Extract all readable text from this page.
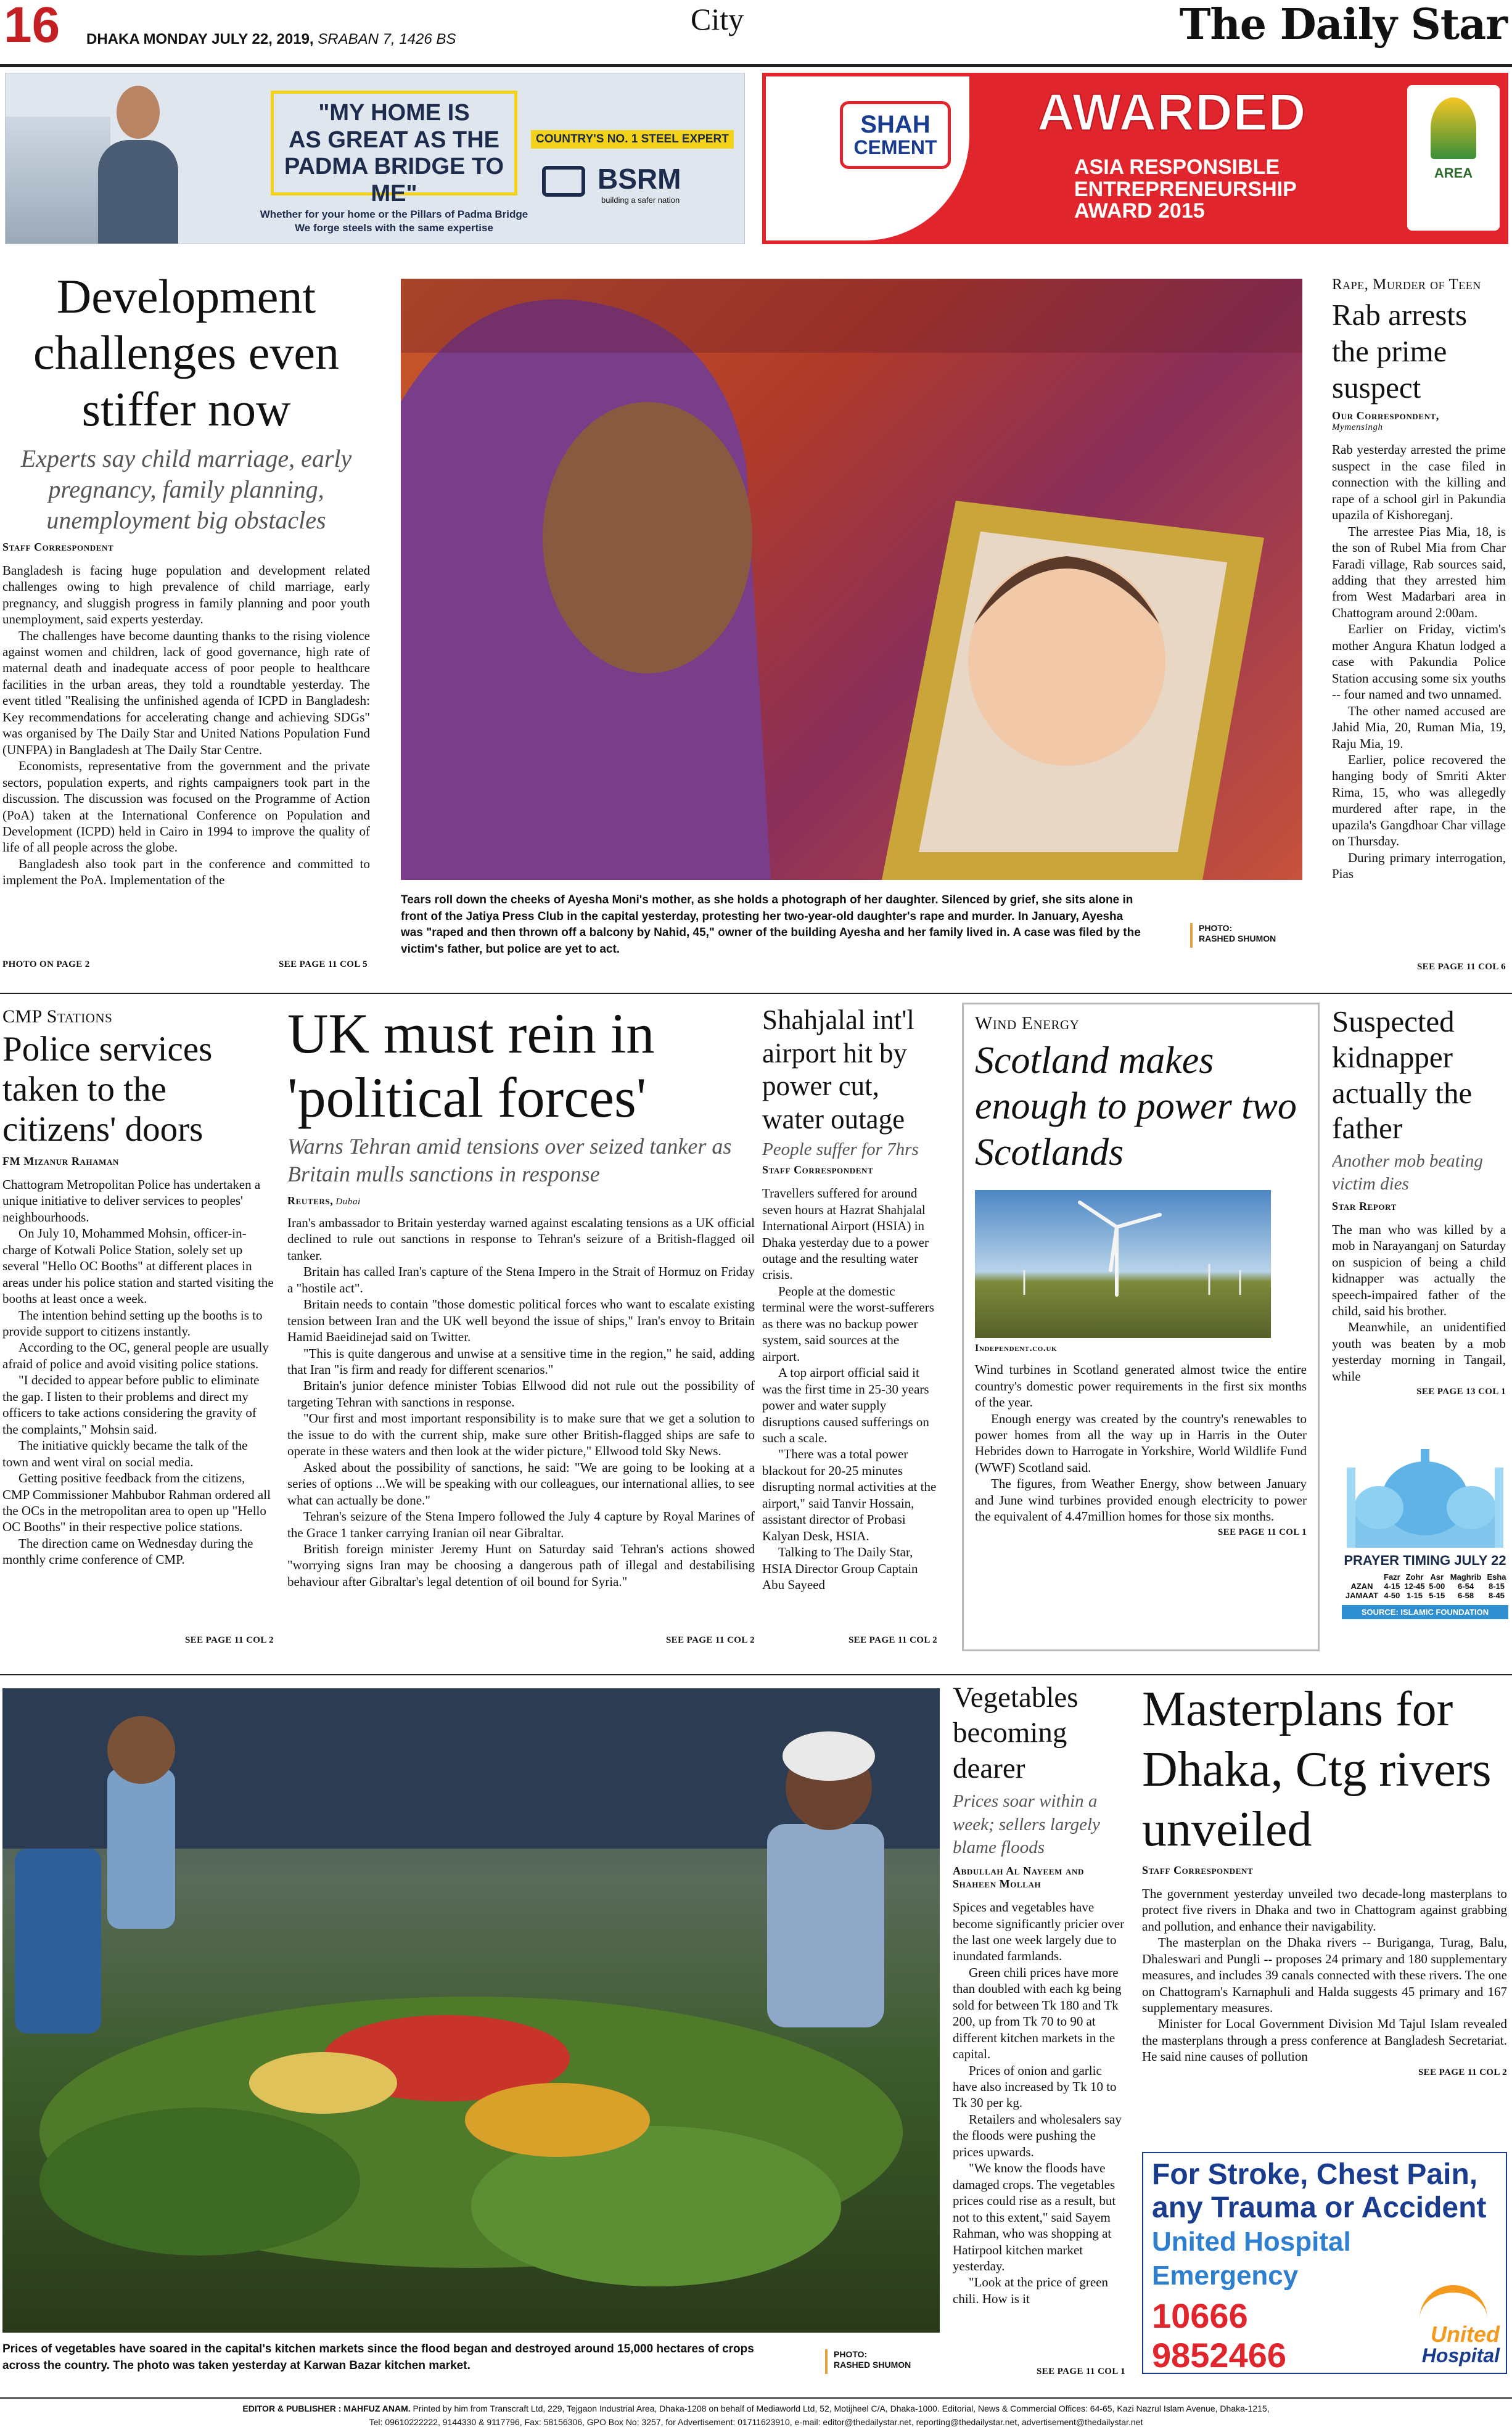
16 DHAKA MONDAY JULY 22, 2019, SRABAN 7, 1426 BS
City	The Daily Star
"MY HOME IS
AS GREAT AS THE
PADMA BRIDGE TO ME"
COUNTRY'S NO. 1 STEEL EXPERT
BSRM
building a safer nation
Whether for your home or the Pillars of Padma Bridge
We forge steels with the same expertise
SHAH
CEMENT
AWARDED
ASIA RESPONSIBLE
ENTREPRENEURSHIP
AWARD 2015
AREA
Development challenges even stiffer now
Experts say child marriage, early pregnancy, family planning, unemployment big obstacles
Staff Correspondent

Bangladesh is facing huge population and development related challenges owing to high prevalence of child marriage, early pregnancy, and sluggish progress in family planning and poor youth unemployment, said experts yesterday.

The challenges have become daunting thanks to the rising violence against women and children, lack of good governance, high rate of maternal death and inadequate access of poor people to healthcare facilities in the urban areas, they told a roundtable yesterday. The event titled "Realising the unfinished agenda of ICPD in Bangladesh: Key recommendations for accelerating change and achieving SDGs" was organised by The Daily Star and United Nations Population Fund (UNFPA) in Bangladesh at The Daily Star Centre.

Economists, representative from the government and the private sectors, population experts, and rights campaigners took part in the discussion. The discussion was focused on the Programme of Action (PoA) taken at the International Conference on Population and Development (ICPD) held in Cairo in 1994 to improve the quality of life of all people across the globe.

Bangladesh also took part in the conference and committed to implement the PoA. Implementation of the

PHOTO ON PAGE 2	SEE PAGE 11 COL 5
Tears roll down the cheeks of Ayesha Moni's mother, as she holds a photograph of her daughter. Silenced by grief, she sits alone in front of the Jatiya Press Club in the capital yesterday, protesting her two-year-old daughter's rape and murder. In January, Ayesha was "raped and then thrown off a balcony by Nahid, 45," owner of the building Ayesha and her family lived in. A case was filed by the victim's father, but police are yet to act.
PHOTO:
RASHED SHUMON
Rape, Murder of Teen
Rab arrests the prime suspect
Our Correspondent,
Mymensingh

Rab yesterday arrested the prime suspect in the case filed in connection with the killing and rape of a school girl in Pakundia upazila of Kishoreganj.

The arrestee Pias Mia, 18, is the son of Rubel Mia from Char Faradi village, Rab sources said, adding that they arrested him from West Madarbari area in Chattogram around 2:00am.

Earlier on Friday, victim's mother Angura Khatun lodged a case with Pakundia Police Station accusing some six youths -- four named and two unnamed.

The other named accused are Jahid Mia, 20, Ruman Mia, 19, Raju Mia, 19.

Earlier, police recovered the hanging body of Smriti Akter Rima, 15, who was allegedly murdered after rape, in the upazila's Gangdhoar Char village on Thursday.

During primary interrogation, Pias

SEE PAGE 11 COL 6
CMP Stations
Police services taken to the citizens' doors
FM Mizanur Rahaman

Chattogram Metropolitan Police has undertaken a unique initiative to deliver services to peoples' neighbourhoods.

On July 10, Mohammed Mohsin, officer-in-charge of Kotwali Police Station, solely set up several "Hello OC Booths" at different places in areas under his police station and started visiting the booths at least once a week.

The intention behind setting up the booths is to provide support to citizens instantly.

According to the OC, general people are usually afraid of police and avoid visiting police stations.

"I decided to appear before public to eliminate the gap. I listen to their problems and direct my officers to take actions considering the gravity of the complaints," Mohsin said.

The initiative quickly became the talk of the town and went viral on social media.

Getting positive feedback from the citizens, CMP Commissioner Mahbubor Rahman ordered all the OCs in the metropolitan area to open up "Hello OC Booths" in their respective police stations.

The direction came on Wednesday during the monthly crime conference of CMP.

SEE PAGE 11 COL 2
UK must rein in 'political forces'
Warns Tehran amid tensions over seized tanker as Britain mulls sanctions in response
Reuters, Dubai

Iran's ambassador to Britain yesterday warned against escalating tensions as a UK official declined to rule out sanctions in response to Tehran's seizure of a British-flagged oil tanker.

Britain has called Iran's capture of the Stena Impero in the Strait of Hormuz on Friday a "hostile act".

Britain needs to contain "those domestic political forces who want to escalate existing tension between Iran and the UK well beyond the issue of ships," Iran's envoy to Britain Hamid Baeidinejad said on Twitter.

"This is quite dangerous and unwise at a sensitive time in the region," he said, adding that Iran "is firm and ready for different scenarios."

Britain's junior defence minister Tobias Ellwood did not rule out the possibility of targeting Tehran with sanctions in response.

"Our first and most important responsibility is to make sure that we get a solution to the issue to do with the current ship, make sure other British-flagged ships are safe to operate in these waters and then look at the wider picture," Ellwood told Sky News.

Asked about the possibility of sanctions, he said: "We are going to be looking at a series of options ...We will be speaking with our colleagues, our international allies, to see what can actually be done."

Tehran's seizure of the Stena Impero followed the July 4 capture by Royal Marines of the Grace 1 tanker carrying Iranian oil near Gibraltar.

British foreign minister Jeremy Hunt on Saturday said Tehran's actions showed "worrying signs Iran may be choosing a dangerous path of illegal and destabilising behaviour after Gibraltar's legal detention of oil bound for Syria."

SEE PAGE 11 COL 2
Shahjalal int'l airport hit by power cut, water outage
People suffer for 7hrs
Staff Correspondent

Travellers suffered for around seven hours at Hazrat Shahjalal International Airport (HSIA) in Dhaka yesterday due to a power outage and the resulting water crisis.

People at the domestic terminal were the worst-sufferers as there was no backup power system, said sources at the airport.

A top airport official said it was the first time in 25-30 years power and water supply disruptions caused sufferings on such a scale.

"There was a total power blackout for 20-25 minutes disrupting normal activities at the airport," said Tanvir Hossain, assistant director of Probasi Kalyan Desk, HSIA.

Talking to The Daily Star, HSIA Director Group Captain Abu Sayeed

SEE PAGE 11 COL 2
Wind Energy
Scotland makes enough to power two Scotlands
Independent.co.uk

Wind turbines in Scotland generated almost twice the entire country's domestic power requirements in the first six months of the year.

Enough energy was created by the country's renewables to power homes from all the way up in Harris in the Outer Hebrides down to Harrogate in Yorkshire, World Wildlife Fund (WWF) Scotland said.

The figures, from Weather Energy, show between January and June wind turbines provided enough electricity to power the equivalent of 4.47million homes for those six months.

SEE PAGE 11 COL 1
Suspected kidnapper actually the father
Another mob beating victim dies
Star Report

The man who was killed by a mob in Narayanganj on Saturday on suspicion of being a child kidnapper was actually the speech-impaired father of the child, said his brother.

Meanwhile, an unidentified youth was beaten by a mob yesterday morning in Tangail, while

SEE PAGE 13 COL 1
PRAYER TIMING JULY 22
	Fazr	Zohr	Asr	Maghrib	Esha
AZAN	4-15	12-45	5-00	6-54	8-15
JAMAAT	4-50	1-15	5-15	6-58	8-45
SOURCE: ISLAMIC FOUNDATION
Prices of vegetables have soared in the capital's kitchen markets since the flood began and destroyed around 15,000 hectares of crops across the country. The photo was taken yesterday at Karwan Bazar kitchen market.
PHOTO:
RASHED SHUMON
Vegetables becoming dearer
Prices soar within a week; sellers largely blame floods
Abdullah Al Nayeem and
Shaheen Mollah

Spices and vegetables have become significantly pricier over the last one week largely due to inundated farmlands.

Green chili prices have more than doubled with each kg being sold for between Tk 180 and Tk 200, up from Tk 70 to 90 at different kitchen markets in the capital.

Prices of onion and garlic have also increased by Tk 10 to Tk 30 per kg.

Retailers and wholesalers say the floods were pushing the prices upwards.

"We know the floods have damaged crops. The vegetables prices could rise as a result, but not to this extent," said Sayem Rahman, who was shopping at Hatirpool kitchen market yesterday.

"Look at the price of green chili. How is it

SEE PAGE 11 COL 1
Masterplans for Dhaka, Ctg rivers unveiled
Staff Correspondent

The government yesterday unveiled two decade-long masterplans to protect five rivers in Dhaka and two in Chattogram against grabbing and pollution, and enhance their navigability.

The masterplan on the Dhaka rivers -- Buriganga, Turag, Balu, Dhaleswari and Pungli -- proposes 24 primary and 180 supplementary measures, and includes 39 canals connected with these rivers. The one on Chattogram's Karnaphuli and Halda suggests 45 primary and 167 supplementary measures.

Minister for Local Government Division Md Tajul Islam revealed the masterplans through a press conference at Bangladesh Secretariat. He said nine causes of pollution

SEE PAGE 11 COL 2
For Stroke, Chest Pain,
any Trauma or Accident
United Hospital Emergency
10666
9852466
United
Hospital
EDITOR & PUBLISHER : MAHFUZ ANAM. Printed by him from Transcraft Ltd, 229, Tejgaon Industrial Area, Dhaka-1208 on behalf of Mediaworld Ltd, 52, Motijheel C/A, Dhaka-1000. Editorial, News & Commercial Offices: 64-65, Kazi Nazrul Islam Avenue, Dhaka-1215,
Tel: 09610222222, 9144330 & 9117796, Fax: 58156306, GPO Box No: 3257, for Advertisement: 01711623910, e-mail: editor@thedailystar.net, reporting@thedailystar.net, advertisement@thedailystar.net
